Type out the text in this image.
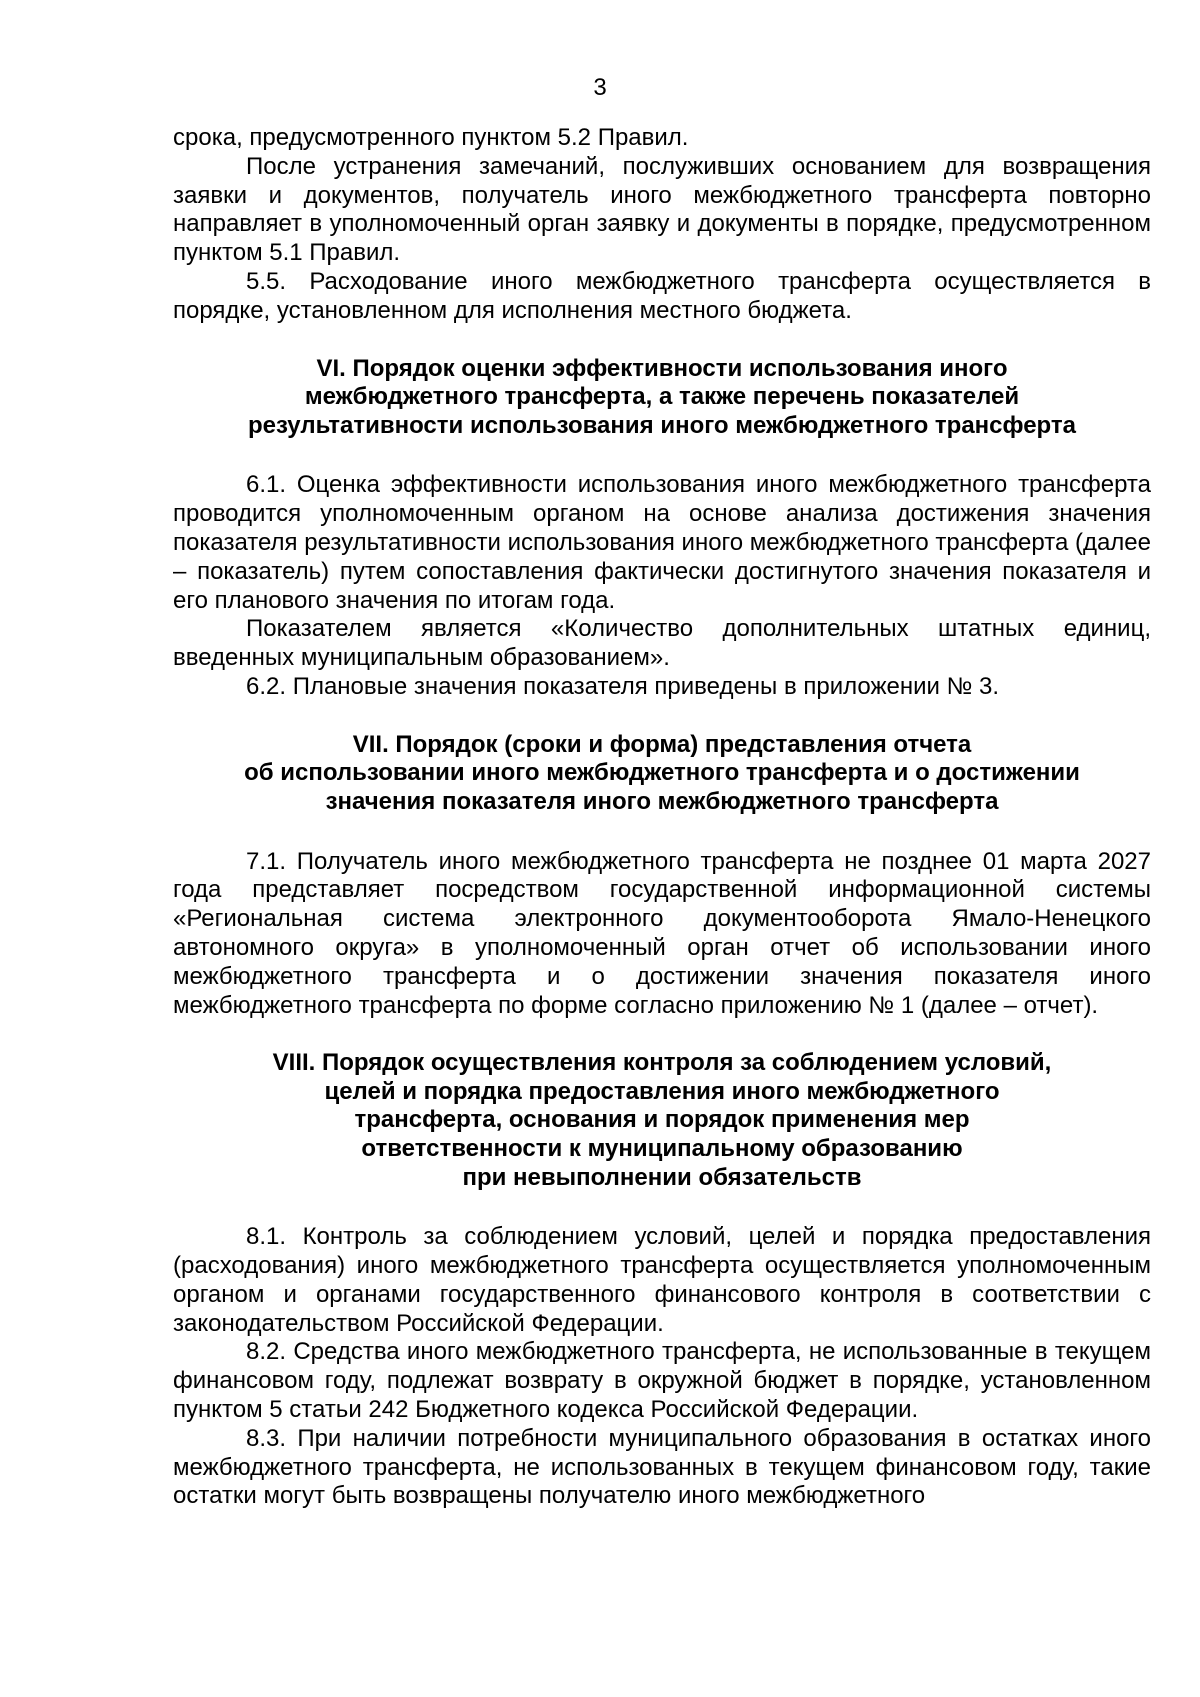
3

срока, предусмотренного пунктом 5.2 Правил.

После устранения замечаний, послуживших основанием для возвращения заявки и документов, получатель иного межбюджетного трансферта повторно направляет в уполномоченный орган заявку и документы в порядке, предусмотренном пунктом 5.1 Правил.

5.5. Расходование иного межбюджетного трансферта осуществляется в порядке, установленном для исполнения местного бюджета.

VI. Порядок оценки эффективности использования иного
межбюджетного трансферта, а также перечень показателей
результативности использования иного межбюджетного трансферта

6.1. Оценка эффективности использования иного межбюджетного трансферта проводится уполномоченным органом на основе анализа достижения значения показателя результативности использования иного межбюджетного трансферта (далее – показатель) путем сопоставления фактически достигнутого значения показателя и его планового значения по итогам года.

Показателем является «Количество дополнительных штатных единиц, введенных муниципальным образованием».

6.2. Плановые значения показателя приведены в приложении № 3.

VII. Порядок (сроки и форма) представления отчета
об использовании иного межбюджетного трансферта и о достижении
значения показателя иного межбюджетного трансферта

7.1. Получатель иного межбюджетного трансферта не позднее 01 марта 2027 года представляет посредством государственной информационной системы «Региональная система электронного документооборота Ямало-Ненецкого автономного округа» в уполномоченный орган отчет об использовании иного межбюджетного трансферта и о достижении значения показателя иного межбюджетного трансферта по форме согласно приложению № 1 (далее – отчет).

VIII. Порядок осуществления контроля за соблюдением условий,
целей и порядка предоставления иного межбюджетного
трансферта, основания и порядок применения мер
ответственности к муниципальному образованию
при невыполнении обязательств

8.1. Контроль за соблюдением условий, целей и порядка предоставления (расходования) иного межбюджетного трансферта осуществляется уполномоченным органом и органами государственного финансового контроля в соответствии с законодательством Российской Федерации.

8.2. Средства иного межбюджетного трансферта, не использованные в текущем финансовом году, подлежат возврату в окружной бюджет в порядке, установленном пунктом 5 статьи 242 Бюджетного кодекса Российской Федерации.

8.3. При наличии потребности муниципального образования в остатках иного межбюджетного трансферта, не использованных в текущем финансовом году, такие остатки могут быть возвращены получателю иного межбюджетного
